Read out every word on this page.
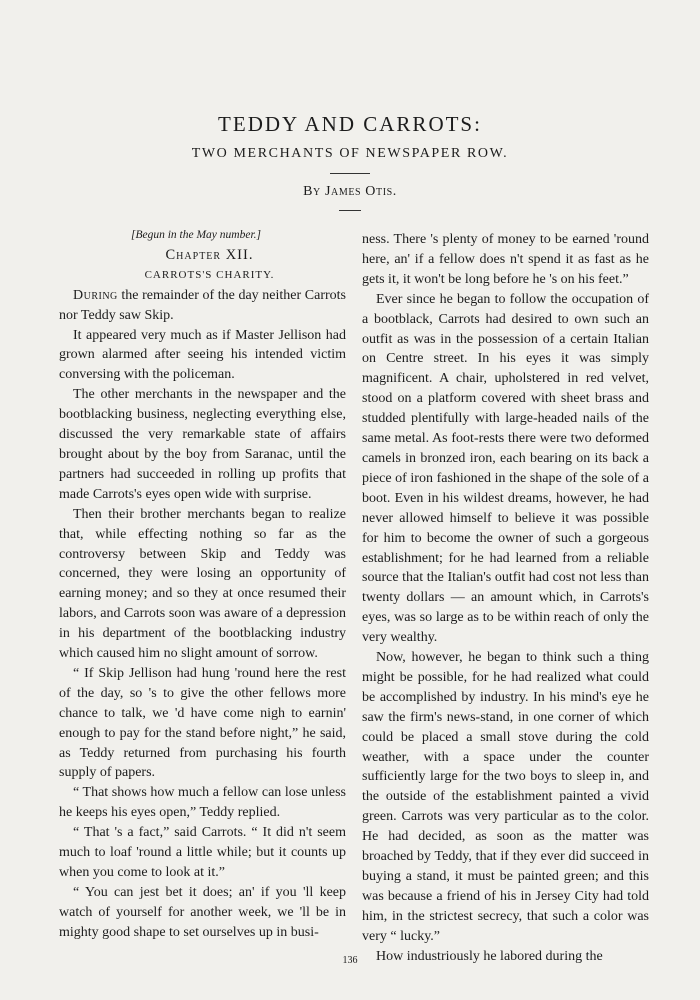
TEDDY AND CARROTS:
TWO MERCHANTS OF NEWSPAPER ROW.
By James Otis.

[Begun in the May number.]

Chapter XII.

CARROTS'S CHARITY.

During the remainder of the day neither Carrots nor Teddy saw Skip.

It appeared very much as if Master Jellison had grown alarmed after seeing his intended victim conversing with the policeman.

The other merchants in the newspaper and the bootblacking business, neglecting everything else, discussed the very remarkable state of affairs brought about by the boy from Saranac, until the partners had succeeded in rolling up profits that made Carrots's eyes open wide with surprise.

Then their brother merchants began to realize that, while effecting nothing so far as the controversy between Skip and Teddy was concerned, they were losing an opportunity of earning money; and so they at once resumed their labors, and Carrots soon was aware of a depression in his department of the bootblacking industry which caused him no slight amount of sorrow.

“ If Skip Jellison had hung 'round here the rest of the day, so 's to give the other fellows more chance to talk, we 'd have come nigh to earnin' enough to pay for the stand before night,” he said, as Teddy returned from purchasing his fourth supply of papers.

“ That shows how much a fellow can lose unless he keeps his eyes open,” Teddy replied.

“ That 's a fact,” said Carrots. “ It did n't seem much to loaf 'round a little while; but it counts up when you come to look at it.”

“ You can jest bet it does; an' if you 'll keep watch of yourself for another week, we 'll be in mighty good shape to set ourselves up in busi-

ness. There 's plenty of money to be earned 'round here, an' if a fellow does n't spend it as fast as he gets it, it won't be long before he 's on his feet.”

Ever since he began to follow the occupation of a bootblack, Carrots had desired to own such an outfit as was in the possession of a certain Italian on Centre street. In his eyes it was simply magnificent. A chair, upholstered in red velvet, stood on a platform covered with sheet brass and studded plentifully with large-headed nails of the same metal. As foot-rests there were two deformed camels in bronzed iron, each bearing on its back a piece of iron fashioned in the shape of the sole of a boot. Even in his wildest dreams, however, he had never allowed himself to believe it was possible for him to become the owner of such a gorgeous establishment; for he had learned from a reliable source that the Italian's outfit had cost not less than twenty dollars — an amount which, in Carrots's eyes, was so large as to be within reach of only the very wealthy.

Now, however, he began to think such a thing might be possible, for he had realized what could be accomplished by industry. In his mind's eye he saw the firm's news-stand, in one corner of which could be placed a small stove during the cold weather, with a space under the counter sufficiently large for the two boys to sleep in, and the outside of the establishment painted a vivid green. Carrots was very particular as to the color. He had decided, as soon as the matter was broached by Teddy, that if they ever did succeed in buying a stand, it must be painted green; and this was because a friend of his in Jersey City had told him, in the strictest secrecy, that such a color was very “ lucky.”

How industriously he labored during the

136
